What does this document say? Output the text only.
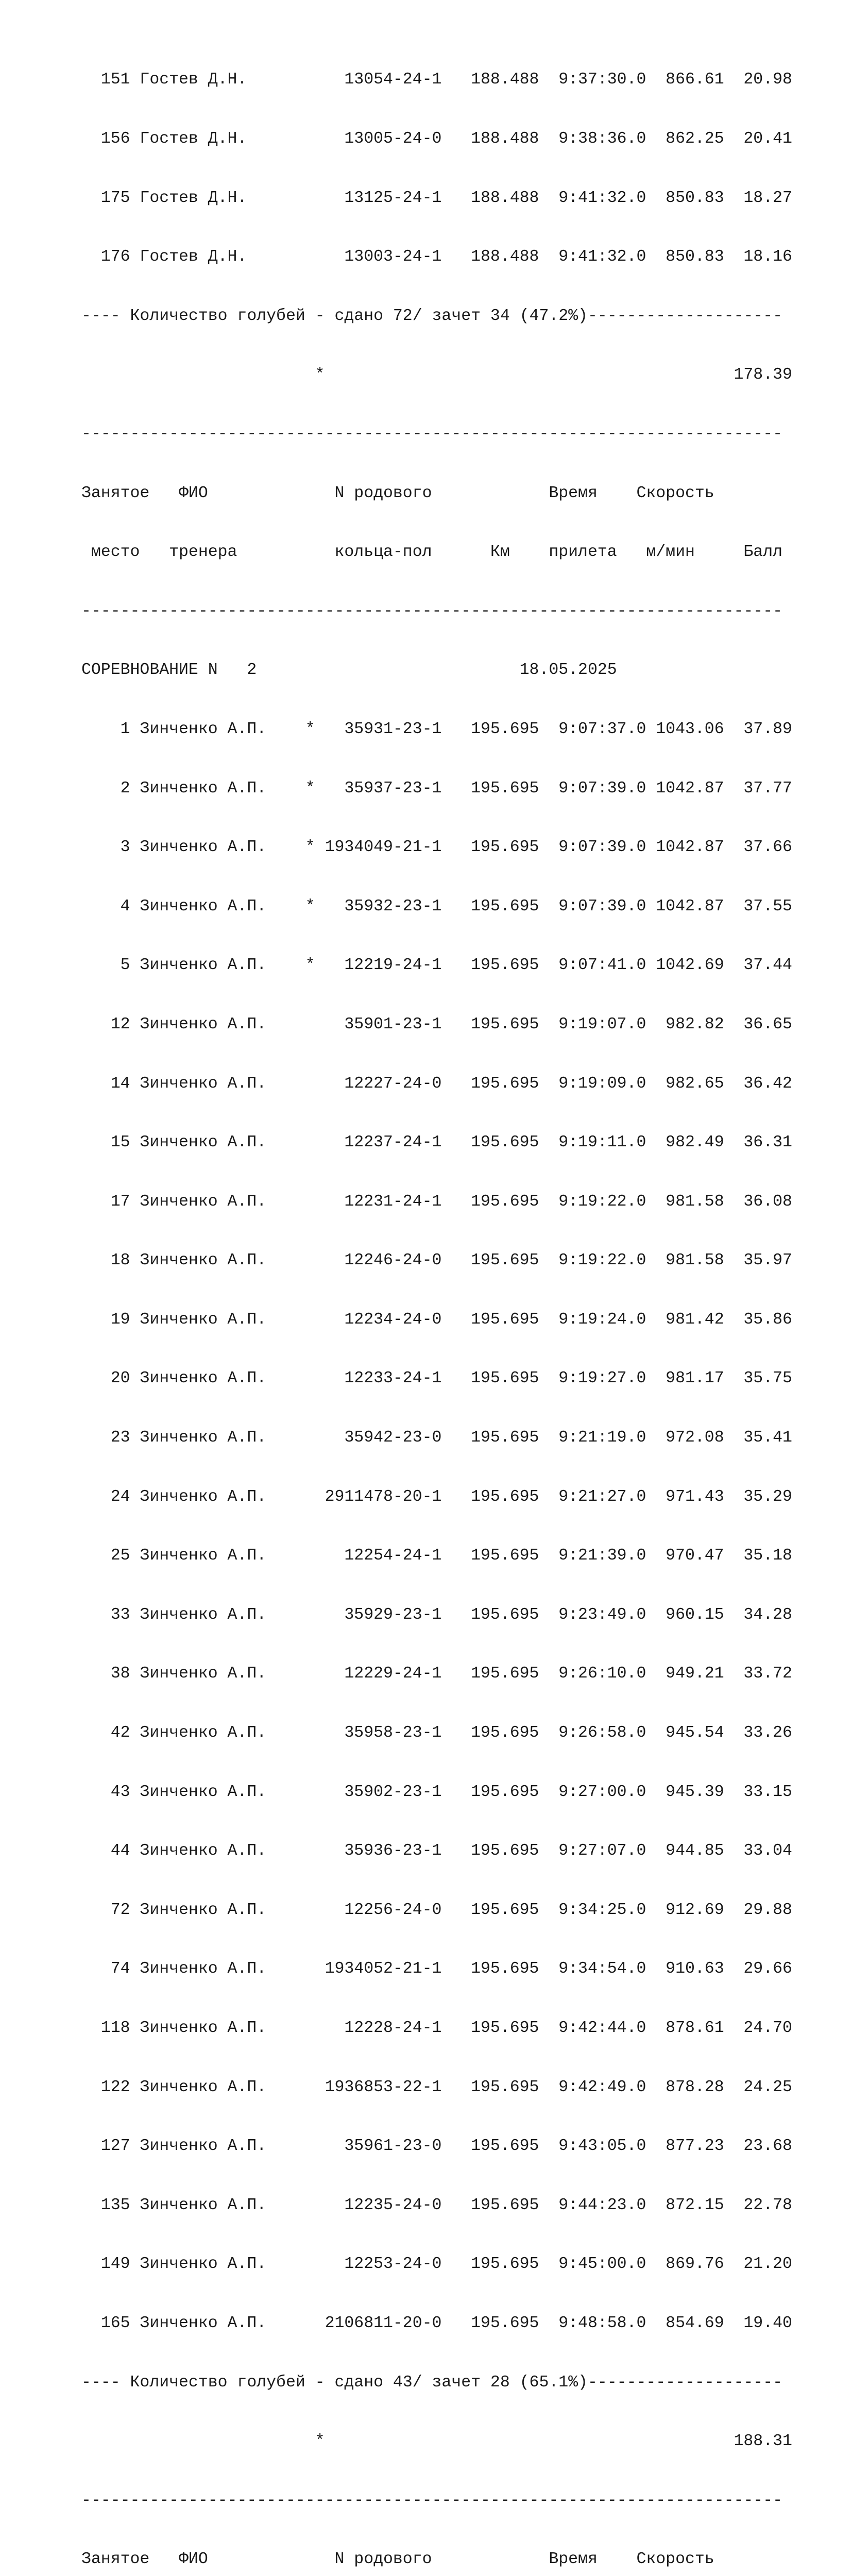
151 Гостев Д.Н.          13054-24-1   188.488  9:37:30.0  866.61  20.98

156 Гостев Д.Н.          13005-24-0   188.488  9:38:36.0  862.25  20.41

175 Гостев Д.Н.          13125-24-1   188.488  9:41:32.0  850.83  18.27

176 Гостев Д.Н.          13003-24-1   188.488  9:41:32.0  850.83  18.16

---- Количество голубей - сдано 72/ зачет 34 (47.2%)--------------------

*                                          178.39

------------------------------------------------------------------------

Занятое   ФИО             N родового            Время    Скорость

место   тренера          кольца-пол      Км    прилета   м/мин     Балл

------------------------------------------------------------------------

СОРЕВНОВАНИЕ N   2                           18.05.2025

1 Зинченко А.П.    *   35931-23-1   195.695  9:07:37.0 1043.06  37.89

2 Зинченко А.П.    *   35937-23-1   195.695  9:07:39.0 1042.87  37.77

3 Зинченко А.П.    * 1934049-21-1   195.695  9:07:39.0 1042.87  37.66

4 Зинченко А.П.    *   35932-23-1   195.695  9:07:39.0 1042.87  37.55

5 Зинченко А.П.    *   12219-24-1   195.695  9:07:41.0 1042.69  37.44

12 Зинченко А.П.        35901-23-1   195.695  9:19:07.0  982.82  36.65

14 Зинченко А.П.        12227-24-0   195.695  9:19:09.0  982.65  36.42

15 Зинченко А.П.        12237-24-1   195.695  9:19:11.0  982.49  36.31

17 Зинченко А.П.        12231-24-1   195.695  9:19:22.0  981.58  36.08

18 Зинченко А.П.        12246-24-0   195.695  9:19:22.0  981.58  35.97

19 Зинченко А.П.        12234-24-0   195.695  9:19:24.0  981.42  35.86

20 Зинченко А.П.        12233-24-1   195.695  9:19:27.0  981.17  35.75

23 Зинченко А.П.        35942-23-0   195.695  9:21:19.0  972.08  35.41

24 Зинченко А.П.      2911478-20-1   195.695  9:21:27.0  971.43  35.29

25 Зинченко А.П.        12254-24-1   195.695  9:21:39.0  970.47  35.18

33 Зинченко А.П.        35929-23-1   195.695  9:23:49.0  960.15  34.28

38 Зинченко А.П.        12229-24-1   195.695  9:26:10.0  949.21  33.72

42 Зинченко А.П.        35958-23-1   195.695  9:26:58.0  945.54  33.26

43 Зинченко А.П.        35902-23-1   195.695  9:27:00.0  945.39  33.15

44 Зинченко А.П.        35936-23-1   195.695  9:27:07.0  944.85  33.04

72 Зинченко А.П.        12256-24-0   195.695  9:34:25.0  912.69  29.88

74 Зинченко А.П.      1934052-21-1   195.695  9:34:54.0  910.63  29.66

118 Зинченко А.П.        12228-24-1   195.695  9:42:44.0  878.61  24.70

122 Зинченко А.П.      1936853-22-1   195.695  9:42:49.0  878.28  24.25

127 Зинченко А.П.        35961-23-0   195.695  9:43:05.0  877.23  23.68

135 Зинченко А.П.        12235-24-0   195.695  9:44:23.0  872.15  22.78

149 Зинченко А.П.        12253-24-0   195.695  9:45:00.0  869.76  21.20

165 Зинченко А.П.      2106811-20-0   195.695  9:48:58.0  854.69  19.40

---- Количество голубей - сдано 43/ зачет 28 (65.1%)--------------------

*                                          188.31

------------------------------------------------------------------------

Занятое   ФИО             N родового            Время    Скорость
